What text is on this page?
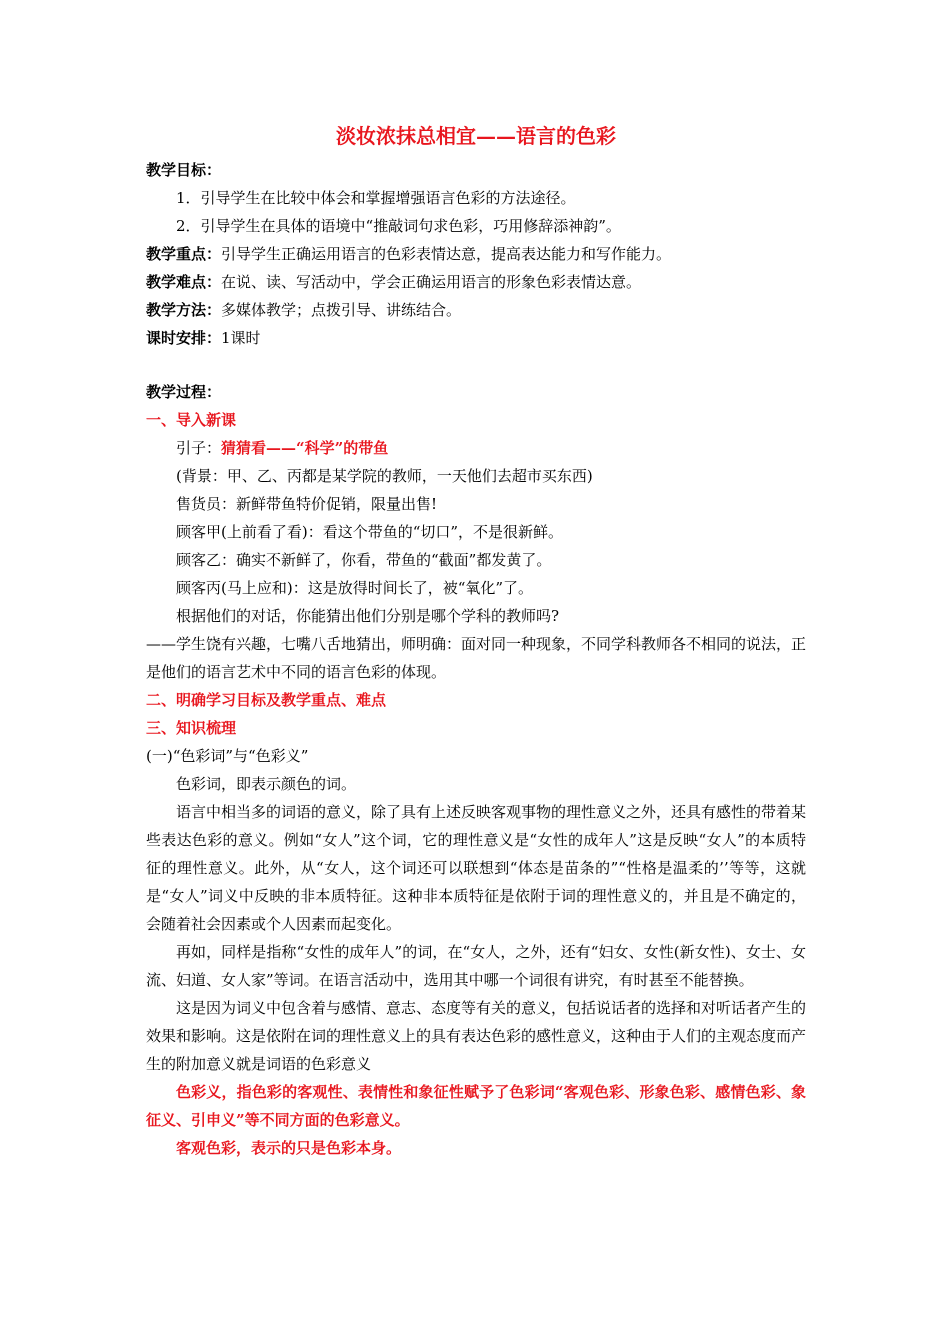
淡妆浓抹总相宜——语言的色彩

教学目标：

1．引导学生在比较中体会和掌握增强语言色彩的方法途径。

2．引导学生在具体的语境中“推敲词句求色彩，巧用修辞添神韵”。

教学重点：引导学生正确运用语言的色彩表情达意，提高表达能力和写作能力。

教学难点：在说、读、写活动中，学会正确运用语言的形象色彩表情达意。

教学方法：多媒体教学；点拨引导、讲练结合。

课时安排：1课时

教学过程：

一、导入新课

引子：猜猜看——“科学”的带鱼

(背景：甲、乙、丙都是某学院的教师，一天他们去超市买东西)

售货员：新鲜带鱼特价促销，限量出售!

顾客甲(上前看了看)：看这个带鱼的“切口”，不是很新鲜。

顾客乙：确实不新鲜了，你看，带鱼的“截面”都发黄了。

顾客丙(马上应和)：这是放得时间长了，被“氧化”了。

根据他们的对话，你能猜出他们分别是哪个学科的教师吗?

——学生饶有兴趣，七嘴八舌地猜出，师明确：面对同一种现象，不同学科教师各不相同的说法，正是他们的语言艺术中不同的语言色彩的体现。

二、明确学习目标及教学重点、难点

三、知识梳理

(一)“色彩词”与“色彩义”

色彩词，即表示颜色的词。

语言中相当多的词语的意义，除了具有上述反映客观事物的理性意义之外，还具有感性的带着某些表达色彩的意义。例如“女人”这个词，它的理性意义是“女性的成年人”这是反映“女人”的本质特征的理性意义。此外，从“女人，这个词还可以联想到“体态是苗条的”“性格是温柔的’’等等，这就是“女人”词义中反映的非本质特征。这种非本质特征是依附于词的理性意义的，并且是不确定的，会随着社会因素或个人因素而起变化。

再如，同样是指称“女性的成年人”的词，在“女人，之外，还有“妇女、女性(新女性)、女士、女流、妇道、女人家”等词。在语言活动中，选用其中哪一个词很有讲究，有时甚至不能替换。

这是因为词义中包含着与感情、意志、态度等有关的意义，包括说话者的选择和对听话者产生的效果和影响。这是依附在词的理性意义上的具有表达色彩的感性意义，这种由于人们的主观态度而产生的附加意义就是词语的色彩意义

色彩义，指色彩的客观性、表情性和象征性赋予了色彩词“客观色彩、形象色彩、感情色彩、象征义、引申义”等不同方面的色彩意义。

客观色彩，表示的只是色彩本身。
